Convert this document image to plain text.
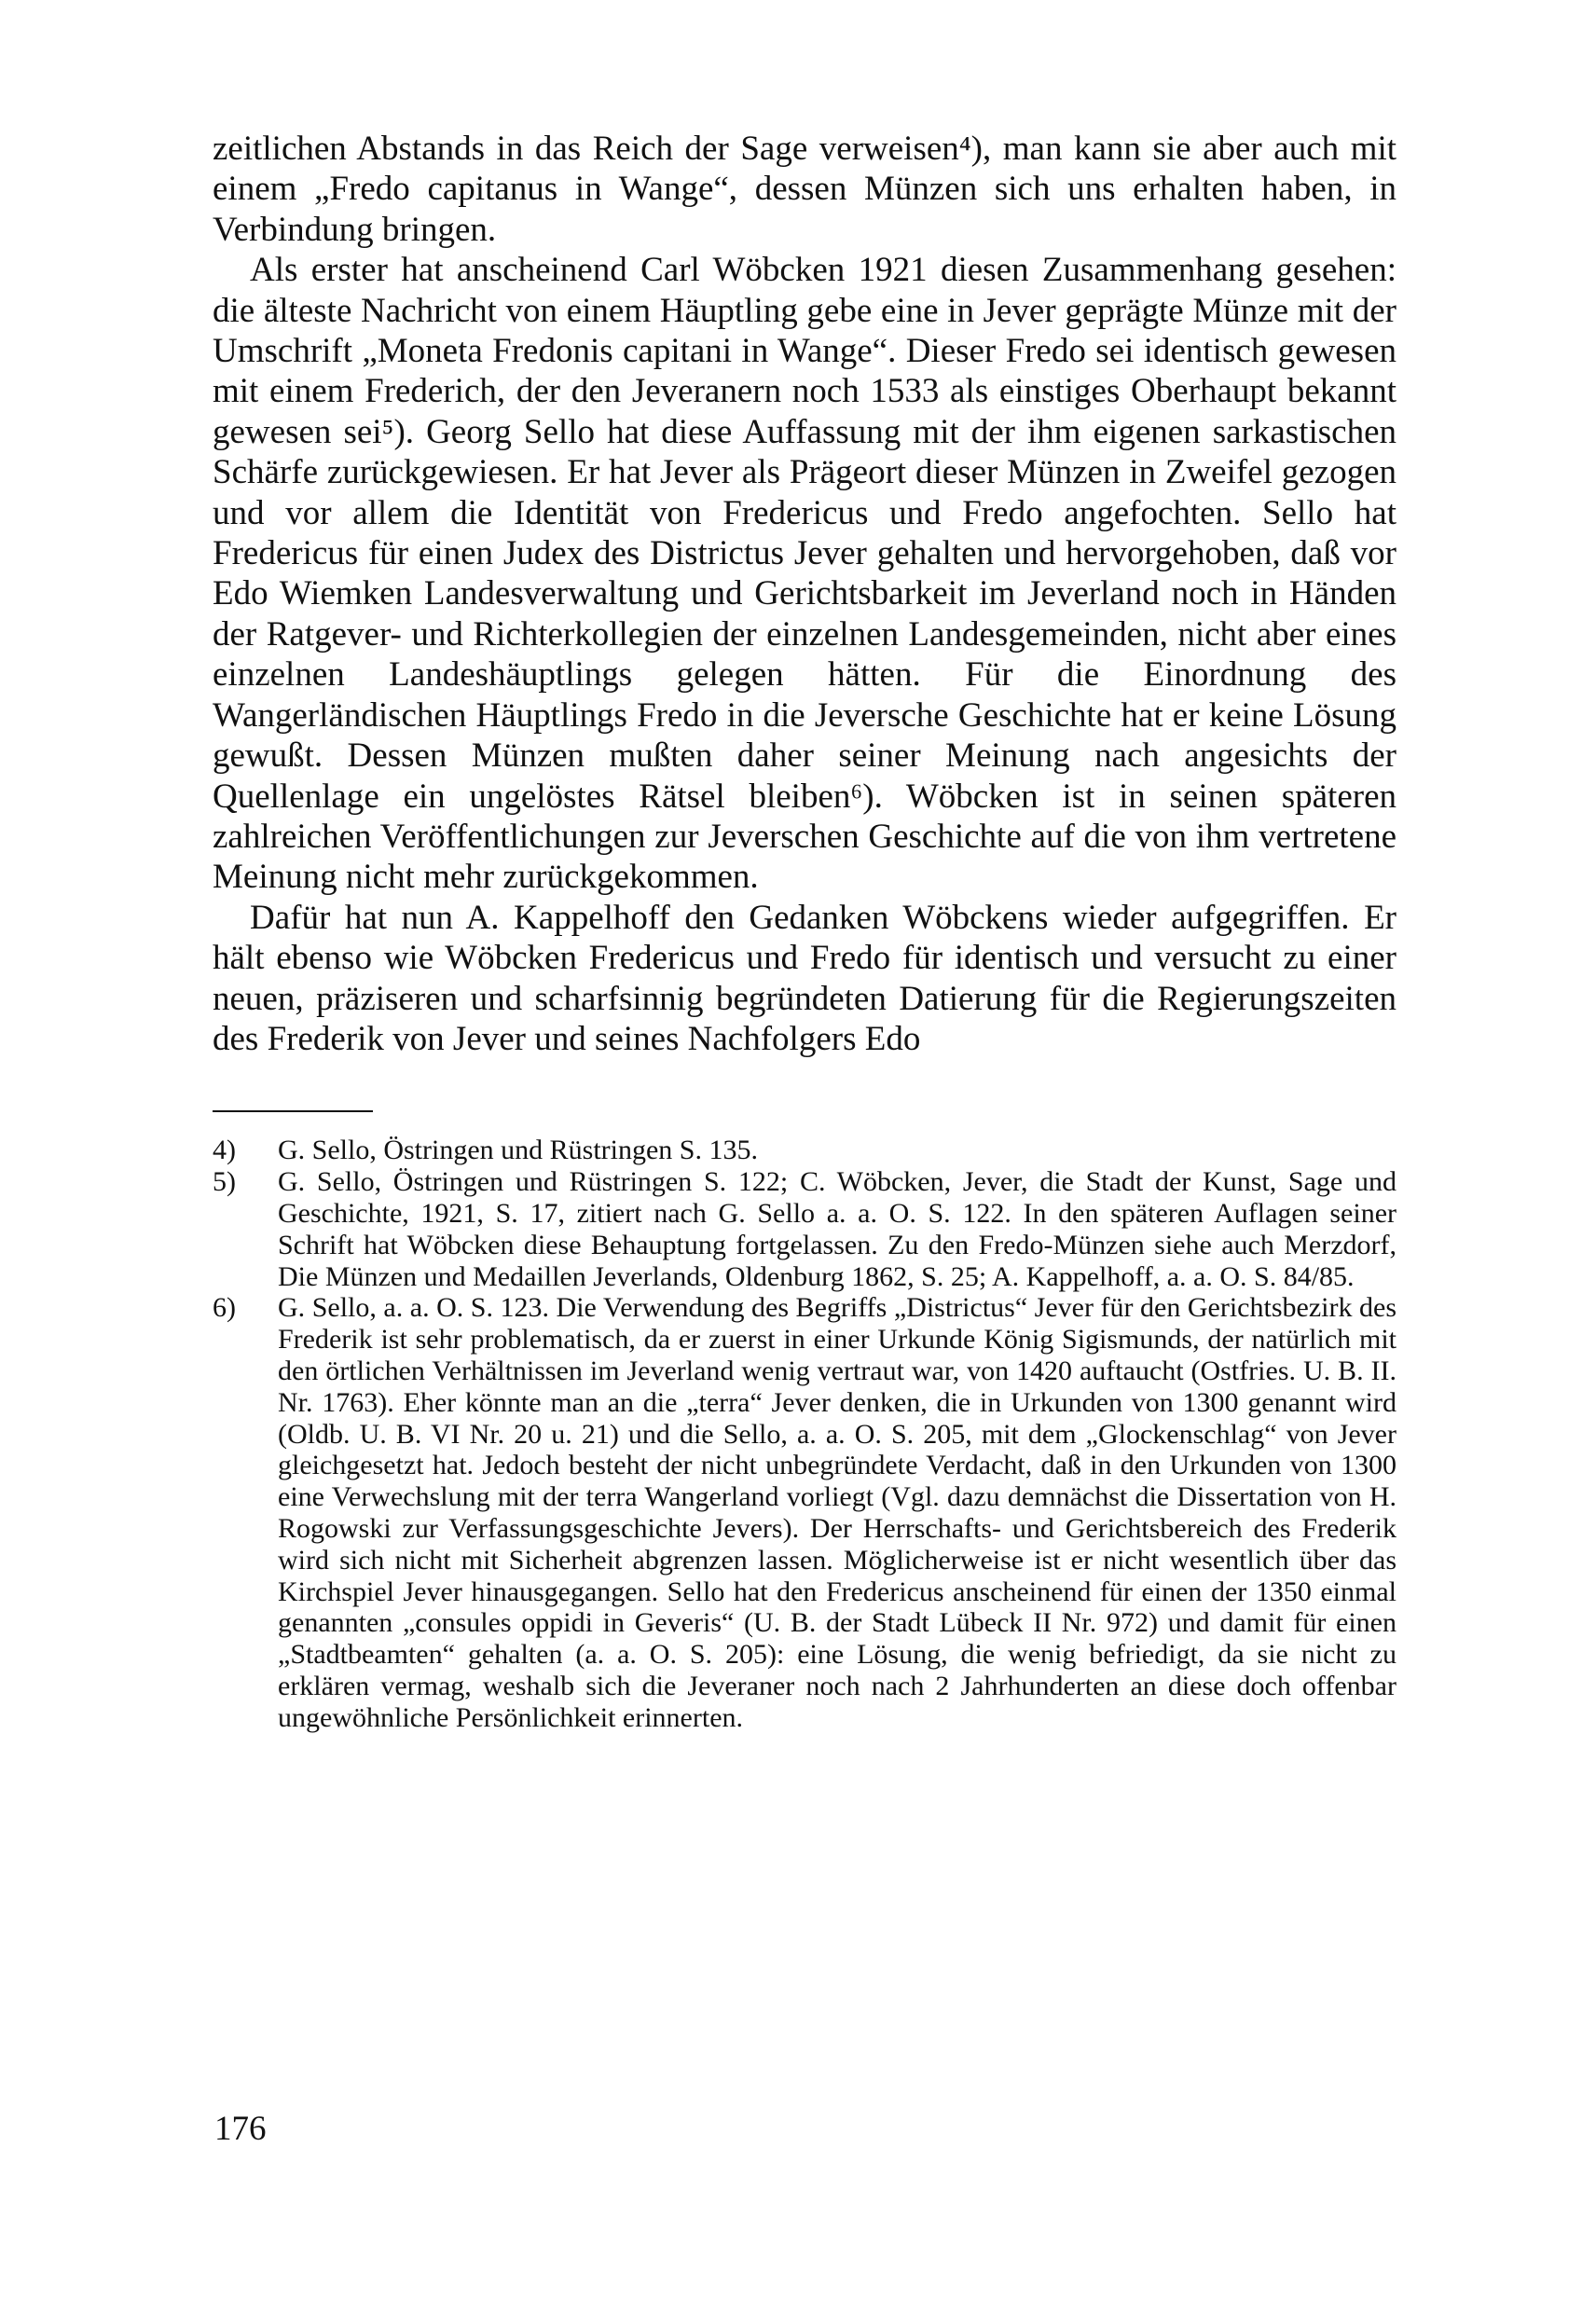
zeitlichen Abstands in das Reich der Sage verweisen⁴), man kann sie aber auch mit einem „Fredo capitanus in Wange“, dessen Münzen sich uns erhalten haben, in Verbindung bringen.

Als erster hat anscheinend Carl Wöbcken 1921 diesen Zusammenhang gesehen: die älteste Nachricht von einem Häuptling gebe eine in Jever geprägte Münze mit der Umschrift „Moneta Fredonis capitani in Wange“. Dieser Fredo sei identisch gewesen mit einem Frederich, der den Jeveranern noch 1533 als einstiges Oberhaupt bekannt gewesen sei⁵). Georg Sello hat diese Auffassung mit der ihm eigenen sarkastischen Schärfe zurückgewiesen. Er hat Jever als Prägeort dieser Münzen in Zweifel gezogen und vor allem die Identität von Fredericus und Fredo angefochten. Sello hat Fredericus für einen Judex des Districtus Jever gehalten und hervorgehoben, daß vor Edo Wiemken Landesverwaltung und Gerichtsbarkeit im Jeverland noch in Händen der Ratgever- und Richterkollegien der einzelnen Landesgemeinden, nicht aber eines einzelnen Landeshäuptlings gelegen hätten. Für die Einordnung des Wangerländischen Häuptlings Fredo in die Jeversche Geschichte hat er keine Lösung gewußt. Dessen Münzen mußten daher seiner Meinung nach angesichts der Quellenlage ein ungelöstes Rätsel bleiben⁶). Wöbcken ist in seinen späteren zahlreichen Veröffentlichungen zur Jeverschen Geschichte auf die von ihm vertretene Meinung nicht mehr zurückgekommen.

Dafür hat nun A. Kappelhoff den Gedanken Wöbckens wieder aufgegriffen. Er hält ebenso wie Wöbcken Fredericus und Fredo für identisch und versucht zu einer neuen, präziseren und scharfsinnig begründeten Datierung für die Regierungszeiten des Frederik von Jever und seines Nachfolgers Edo

4)	G. Sello, Östringen und Rüstringen S. 135.
5)	G. Sello, Östringen und Rüstringen S. 122; C. Wöbcken, Jever, die Stadt der Kunst, Sage und Geschichte, 1921, S. 17, zitiert nach G. Sello a. a. O. S. 122. In den späteren Auflagen seiner Schrift hat Wöbcken diese Behauptung fortgelassen. Zu den Fredo-Münzen siehe auch Merzdorf, Die Münzen und Medaillen Jeverlands, Oldenburg 1862, S. 25; A. Kappelhoff, a. a. O. S. 84/85.
6)	G. Sello, a. a. O. S. 123. Die Verwendung des Begriffs „Districtus“ Jever für den Gerichtsbezirk des Frederik ist sehr problematisch, da er zuerst in einer Urkunde König Sigismunds, der natürlich mit den örtlichen Verhältnissen im Jeverland wenig vertraut war, von 1420 auftaucht (Ostfries. U. B. II. Nr. 1763). Eher könnte man an die „terra“ Jever denken, die in Urkunden von 1300 genannt wird (Oldb. U. B. VI Nr. 20 u. 21) und die Sello, a. a. O. S. 205, mit dem „Glockenschlag“ von Jever gleichgesetzt hat. Jedoch besteht der nicht unbegründete Verdacht, daß in den Urkunden von 1300 eine Verwechslung mit der terra Wangerland vorliegt (Vgl. dazu demnächst die Dissertation von H. Rogowski zur Verfassungsgeschichte Jevers). Der Herrschafts- und Gerichtsbereich des Frederik wird sich nicht mit Sicherheit abgrenzen lassen. Möglicherweise ist er nicht wesentlich über das Kirchspiel Jever hinausgegangen. Sello hat den Fredericus anscheinend für einen der 1350 einmal genannten „consules oppidi in Geveris“ (U. B. der Stadt Lübeck II Nr. 972) und damit für einen „Stadtbeamten“ gehalten (a. a. O. S. 205): eine Lösung, die wenig befriedigt, da sie nicht zu erklären vermag, weshalb sich die Jeveraner noch nach 2 Jahrhunderten an diese doch offenbar ungewöhnliche Persönlichkeit erinnerten.
176
